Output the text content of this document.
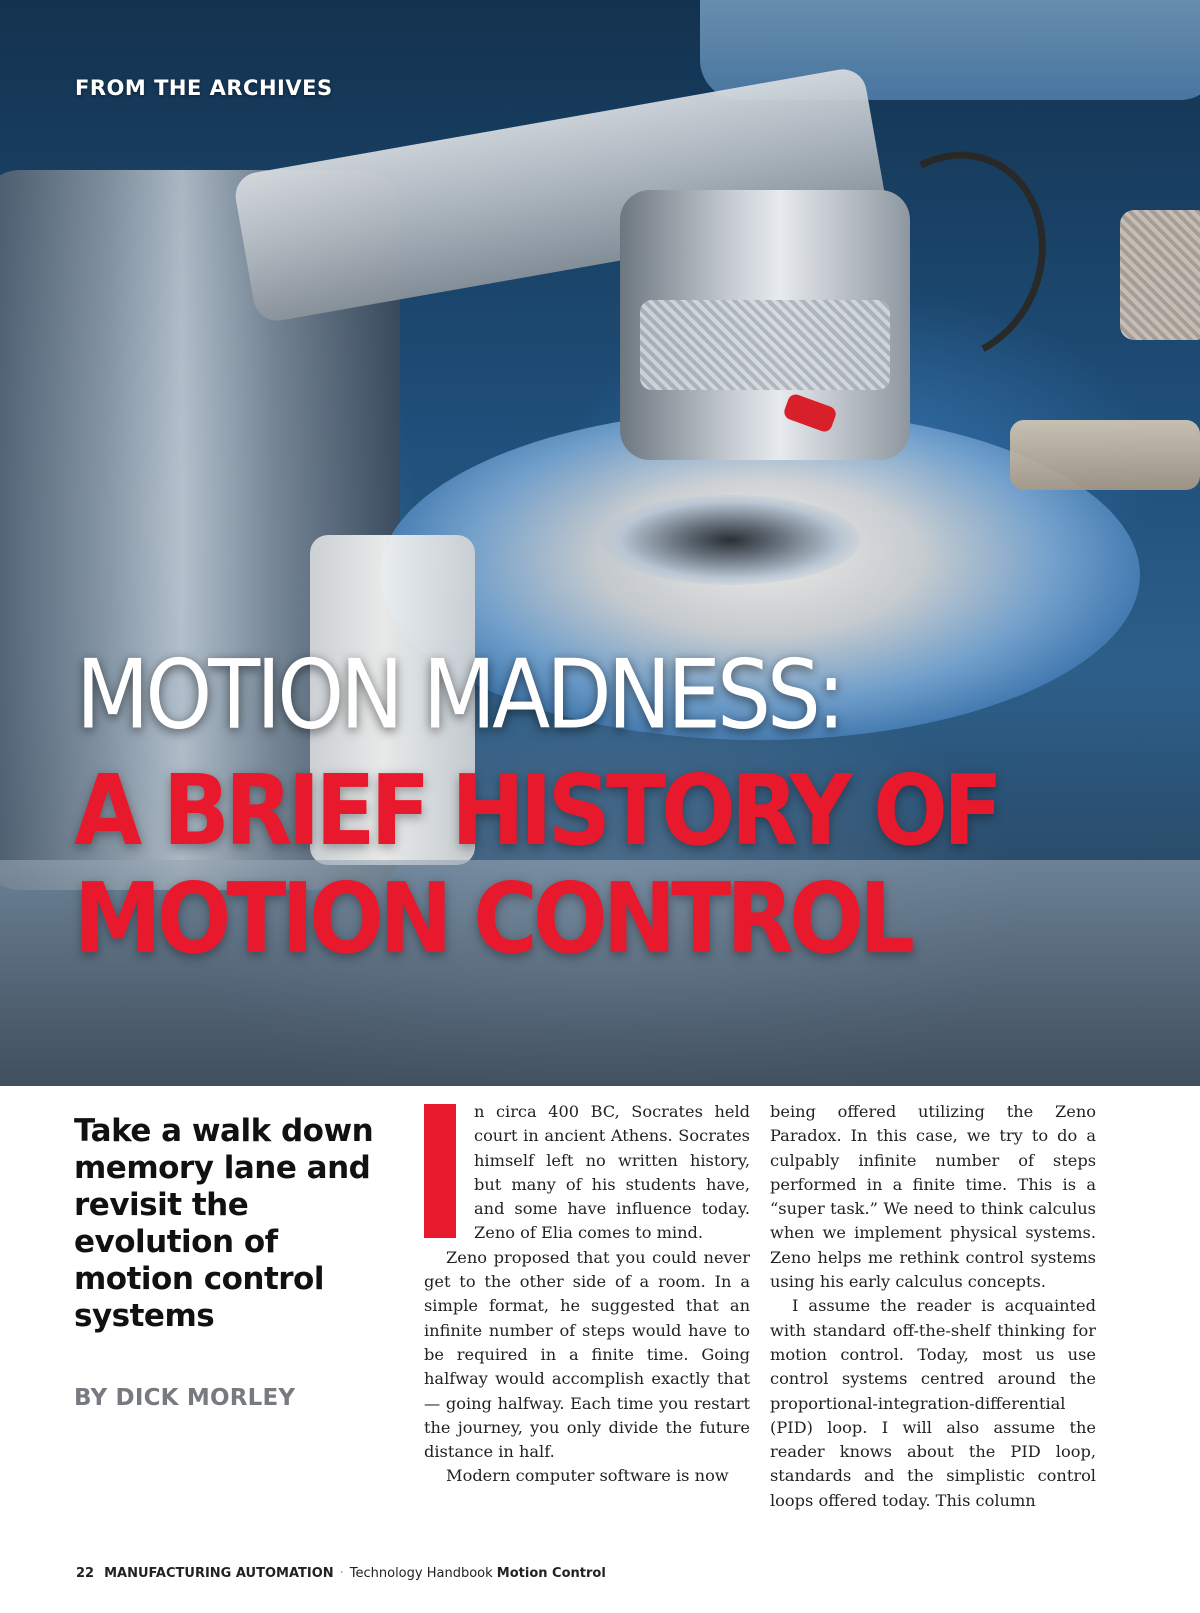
FROM THE ARCHIVES
MOTION MADNESS:
A BRIEF HISTORY OF
MOTION CONTROL
Take a walk down memory lane and revisit the evolution of motion control systems
BY DICK MORLEY

n circa 400 BC, Socrates held court in ancient Athens. Socrates himself left no written history, but many of his students have, and some have influence today. Zeno of Elia comes to mind.

Zeno proposed that you could never get to the other side of a room. In a simple format, he suggested that an infinite number of steps would have to be required in a finite time. Going halfway would accomplish exactly that — going halfway. Each time you restart the journey, you only divide the future distance in half.

Modern computer software is now

being offered utilizing the Zeno Paradox. In this case, we try to do a culpably infinite number of steps performed in a finite time. This is a “super task.” We need to think calculus when we implement physical systems. Zeno helps me rethink control systems using his early calculus concepts.

I assume the reader is acquainted with standard off-the-shelf thinking for motion control. Today, most us use control systems centred around the proportional-integration-differential (PID) loop. I will also assume the reader knows about the PID loop, standards and the simplistic control loops offered today. This column

22 MANUFACTURING AUTOMATION · Technology Handbook Motion Control
